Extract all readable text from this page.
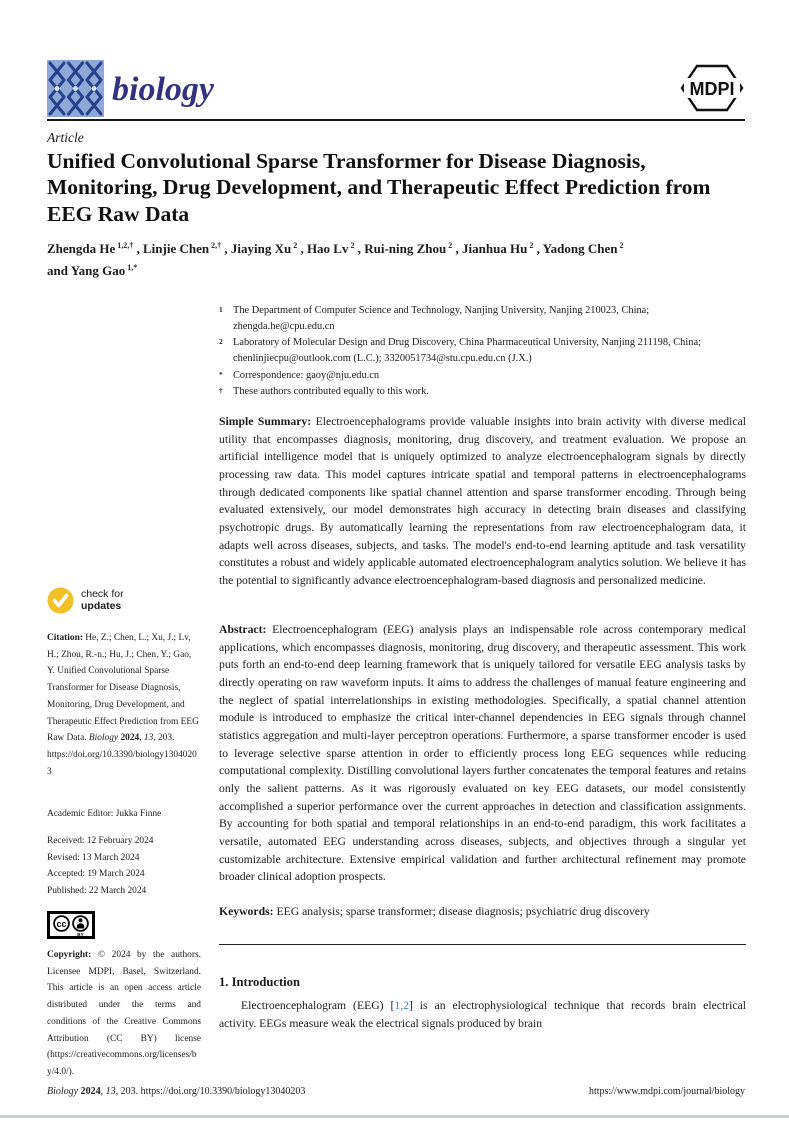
biology	MDPI
Article
Unified Convolutional Sparse Transformer for Disease Diagnosis, Monitoring, Drug Development, and Therapeutic Effect Prediction from EEG Raw Data
Zhengda He $^{1,2,\dagger}$ , Linjie Chen $^{2,\dagger}$ , Jiaying Xu $^2$ , Hao Lv $^2$ , Rui-ning Zhou $^2$ , Jianhua Hu $^2$ , Yadong Chen $^2$
and Yang Gao $^{1,*}$
1 The Department of Computer Science and Technology, Nanjing University, Nanjing 210023, China; zhengda.he@cpu.edu.cn
2 Laboratory of Molecular Design and Drug Discovery, China Pharmaceutical University, Nanjing 211198, China; chenlinjiecpu@outlook.com (L.C.); 3320051734@stu.cpu.edu.cn (J.X.)
* Correspondence: gaoy@nju.edu.cn
† These authors contributed equally to this work.
check for
updates

Citation: He, Z.; Chen, L.; Xu, J.; Lv, H.; Zhou, R.-n.; Hu, J.; Chen, Y.; Gao, Y. Unified Convolutional Sparse Transformer for Disease Diagnosis, Monitoring, Drug Development, and Therapeutic Effect Prediction from EEG Raw Data. Biology 2024, 13, 203. https://doi.org/10.3390/biology13040203

Academic Editor: Jukka Finne

Received: 12 February 2024
Revised: 13 March 2024
Accepted: 19 March 2024
Published: 22 March 2024
cc
BY

Copyright: © 2024 by the authors. Licensee MDPI, Basel, Switzerland. This article is an open access article distributed under the terms and conditions of the Creative Commons Attribution (CC BY) license (https://creativecommons.org/licenses/by/4.0/).

Simple Summary: Electroencephalograms provide valuable insights into brain activity with diverse medical utility that encompasses diagnosis, monitoring, drug discovery, and treatment evaluation. We propose an artificial intelligence model that is uniquely optimized to analyze electroencephalogram signals by directly processing raw data. This model captures intricate spatial and temporal patterns in electroencephalograms through dedicated components like spatial channel attention and sparse transformer encoding. Through being evaluated extensively, our model demonstrates high accuracy in detecting brain diseases and classifying psychotropic drugs. By automatically learning the representations from raw electroencephalogram data, it adapts well across diseases, subjects, and tasks. The model's end-to-end learning aptitude and task versatility constitutes a robust and widely applicable automated electroencephalogram analytics solution. We believe it has the potential to significantly advance electroencephalogram-based diagnosis and personalized medicine.

Abstract: Electroencephalogram (EEG) analysis plays an indispensable role across contemporary medical applications, which encompasses diagnosis, monitoring, drug discovery, and therapeutic assessment. This work puts forth an end-to-end deep learning framework that is uniquely tailored for versatile EEG analysis tasks by directly operating on raw waveform inputs. It aims to address the challenges of manual feature engineering and the neglect of spatial interrelationships in existing methodologies. Specifically, a spatial channel attention module is introduced to emphasize the critical inter-channel dependencies in EEG signals through channel statistics aggregation and multi-layer perceptron operations. Furthermore, a sparse transformer encoder is used to leverage selective sparse attention in order to efficiently process long EEG sequences while reducing computational complexity. Distilling convolutional layers further concatenates the temporal features and retains only the salient patterns. As it was rigorously evaluated on key EEG datasets, our model consistently accomplished a superior performance over the current approaches in detection and classification assignments. By accounting for both spatial and temporal relationships in an end-to-end paradigm, this work facilitates a versatile, automated EEG understanding across diseases, subjects, and objectives through a singular yet customizable architecture. Extensive empirical validation and further architectural refinement may promote broader clinical adoption prospects.

Keywords: EEG analysis; sparse transformer; disease diagnosis; psychiatric drug discovery

1. Introduction

Electroencephalogram (EEG) [1,2] is an electrophysiological technique that records brain electrical activity. EEGs measure weak the electrical signals produced by brain

Biology 2024, 13, 203. https://doi.org/10.3390/biology13040203	https://www.mdpi.com/journal/biology
